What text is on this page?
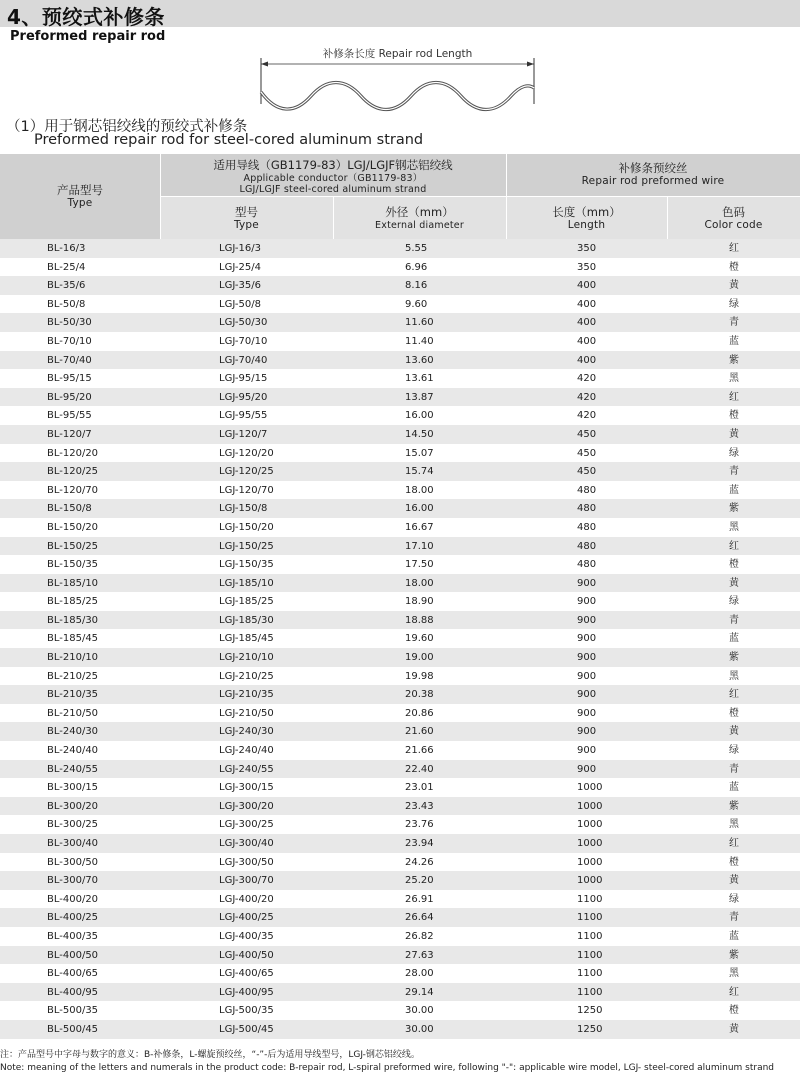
4、预绞式补修条
Preformed repair rod
补修条长度 Repair rod Length
（1）用于钢芯铝绞线的预绞式补修条
Preformed repair rod for steel-cored aluminum strand
产品型号
Type
适用导线（GB1179-83）LGJ/LGJF钢芯铝绞线
Applicable conductor（GB1179-83）
LGJ/LGJF steel-cored aluminum strand
补修条预绞丝
Repair rod preformed wire
型号
Type
外径（mm）
External diameter
长度（mm）
Length
色码
Color code
BL-16/3	LGJ-16/3	5.55	350	红
BL-25/4	LGJ-25/4	6.96	350	橙
BL-35/6	LGJ-35/6	8.16	400	黄
BL-50/8	LGJ-50/8	9.60	400	绿
BL-50/30	LGJ-50/30	11.60	400	青
BL-70/10	LGJ-70/10	11.40	400	蓝
BL-70/40	LGJ-70/40	13.60	400	紫
BL-95/15	LGJ-95/15	13.61	420	黑
BL-95/20	LGJ-95/20	13.87	420	红
BL-95/55	LGJ-95/55	16.00	420	橙
BL-120/7	LGJ-120/7	14.50	450	黄
BL-120/20	LGJ-120/20	15.07	450	绿
BL-120/25	LGJ-120/25	15.74	450	青
BL-120/70	LGJ-120/70	18.00	480	蓝
BL-150/8	LGJ-150/8	16.00	480	紫
BL-150/20	LGJ-150/20	16.67	480	黑
BL-150/25	LGJ-150/25	17.10	480	红
BL-150/35	LGJ-150/35	17.50	480	橙
BL-185/10	LGJ-185/10	18.00	900	黄
BL-185/25	LGJ-185/25	18.90	900	绿
BL-185/30	LGJ-185/30	18.88	900	青
BL-185/45	LGJ-185/45	19.60	900	蓝
BL-210/10	LGJ-210/10	19.00	900	紫
BL-210/25	LGJ-210/25	19.98	900	黑
BL-210/35	LGJ-210/35	20.38	900	红
BL-210/50	LGJ-210/50	20.86	900	橙
BL-240/30	LGJ-240/30	21.60	900	黄
BL-240/40	LGJ-240/40	21.66	900	绿
BL-240/55	LGJ-240/55	22.40	900	青
BL-300/15	LGJ-300/15	23.01	1000	蓝
BL-300/20	LGJ-300/20	23.43	1000	紫
BL-300/25	LGJ-300/25	23.76	1000	黑
BL-300/40	LGJ-300/40	23.94	1000	红
BL-300/50	LGJ-300/50	24.26	1000	橙
BL-300/70	LGJ-300/70	25.20	1000	黄
BL-400/20	LGJ-400/20	26.91	1100	绿
BL-400/25	LGJ-400/25	26.64	1100	青
BL-400/35	LGJ-400/35	26.82	1100	蓝
BL-400/50	LGJ-400/50	27.63	1100	紫
BL-400/65	LGJ-400/65	28.00	1100	黑
BL-400/95	LGJ-400/95	29.14	1100	红
BL-500/35	LGJ-500/35	30.00	1250	橙
BL-500/45	LGJ-500/45	30.00	1250	黄
注：产品型号中字母与数字的意义：B-补修条，L-螺旋预绞丝，“-”-后为适用导线型号，LGJ-钢芯铝绞线。
Note: meaning of the letters and numerals in the product code: B-repair rod, L-spiral preformed wire, following "-": applicable wire model, LGJ- steel-cored aluminum strand
